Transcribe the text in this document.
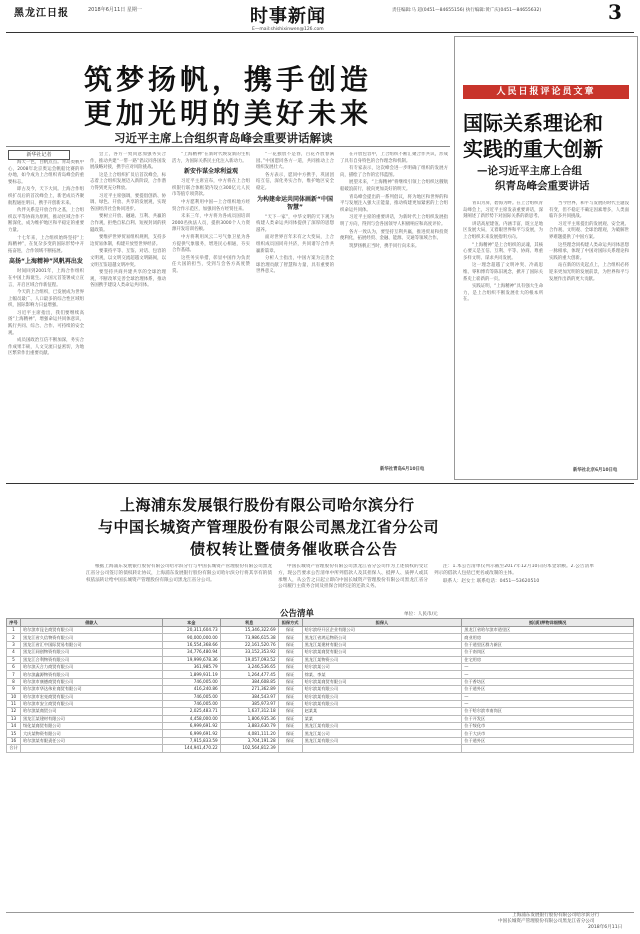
黑龙江日报	2018年6月11日 星期一	时事新闻
E—mail:shishixinwen@126.com
责任编辑:马 超(0451—84655156) 执行编辑:黄广庆(0451—84655632)	3
筑梦扬帆，携手创造
更加光明的美好未来
习近平主席上合组织青岛峰会重要讲话解读
新华社记者

海天一色，白帆点点。青岛奥帆中心，2008年北京奥运会帆船比赛的举办地，如今成为上合组织青岛峰会的重要标志。

即古及今，天下大同。上海合作组织扩员后的首次峰会上，新老成员齐聚航程通往明日，携手开创新未来。

伙伴关系是开放合作之基，上合组织以平等协商为原则，推动区域合作不断深化，成为维护地区和平稳定的重要力量。

十七年来，上合组织始终坚持“上海精神”，在复杂多变的国际形势中开拓奋进，合作领域不断拓展。

高扬“上海精神”风帆再出发

时间回到2001年，上海合作组织在中国上海诞生。六国元首签署成立宣言，开启区域合作新征程。

今天的上合组织，已发展成为世界上幅员最广、人口最多的综合性区域组织，国际影响力日益增强。

习近平主席指出，我们要继续高扬“上海精神”，增强命运共同体意识，践行共同、综合、合作、可持续的安全观。

成员国政治互信不断加深，务实合作成果丰硕，人文交流日益密切，为地区繁荣作出重要贡献。

会上，各方一致同意加强务实合作，推动共建“一带一路”倡议同各国发展战略对接，携手应对风险挑战。

这是上合组织扩员后首次峰会，标志着上合组织发展迈入新阶段，合作潜力得到更充分释放。

习近平主席强调，要提倡创新、协调、绿色、开放、共享的发展观，实现各国经济社会协同进步。

要树立开放、融通、互利、共赢的合作观，拒绝自私自利、短视封闭的狭隘政策。

要维护世界贸易组织规则，支持多边贸易体制，构建开放型世界经济。

要秉持平等、互鉴、对话、包容的文明观，以文明交流超越文明隔阂，以文明互鉴超越文明冲突。

要坚持共商共建共享的全球治理观，不断改革完善全球治理体系，推动各国携手建设人类命运共同体。

“上海精神”在新时代焕发新的生机活力，为国际关系民主化注入新动力。

新安作谋全球利益观

习近平主席宣布，中方将在上合组织银行联合体框架内设立300亿元人民币等值专项贷款。

中方愿利用中国—上合组织地方经贸合作示范区，加强同各方经贸往来。

未来三年，中方将为各成员国培训2000名执法人员，提供3000个人力资源开发培训名额。

中方将利用风云二号气象卫星为各方提供气象服务，增进民心相通，夯实合作基础。

这些务实举措，彰显中国作为负责任大国的担当，受到与会各方高度赞赏。

“一花独放不是春，百花齐放春满园。”中国愿同各方一道，共同推动上合组织发展壮大。

各方表示，愿同中方携手，巩固团结互信，深化务实合作，维护地区安全稳定。

为构建命运共同体画新“中国智慧”

“天下一家”，中华文明的天下观为构建人类命运共同体提供了深厚的思想滋养。

面对世界百年未有之大变局，上合组织成员国同舟共济，共同谱写合作共赢新篇章。

分析人士指出，中国方案为完善全球治理贡献了智慧和力量，具有重要的世界意义。

在开放包容中，上合组织不断汇聚合作共识，形成了具有自身特色的合作理念和机制。

有专家表示，这次峰会进一步明确了组织的发展方向，描绘了合作的宏伟蓝图。

展望未来，“上海精神”将继续引领上合组织这艘航船破浪前行，驶向更加美好的明天。

青岛峰会提出的一系列倡议，将为地区和世界的和平与发展注入强大正能量，推动构建更加紧密的上合组织命运共同体。

习近平主席的重要讲话，为新时代上合组织发展指明了方向，得到与会各国领导人积极响应和高度评价。

各方一致认为，要坚持互利共赢，推进贸易和投资便利化，拓展经贸、金融、能源、交通等领域合作。

筑梦扬帆正当时，携手同行向未来。

新华社青岛6月10日电
人民日报评论员文章
国际关系理论和
实践的重大创新
—论习近平主席上合组
织青岛峰会重要讲话

青山为屏，碧海为畔。在上合组织青岛峰会上，习近平主席发表重要讲话，深刻阐述了新形势下对国际关系的新思考。

讲话高屋建瓴、内涵丰富，既立足地区发展大局，又着眼世界和平与发展，为上合组织未来发展指明方向。

“上海精神”是上合组织的灵魂，其核心要义是互信、互利、平等、协商、尊重多样文明、谋求共同发展。

这一理念超越了文明冲突、冷战思维、零和博弈等陈旧观念，掀开了国际关系史上崭新的一页。

实践证明，“上海精神”具有强大生命力，是上合组织不断发展壮大的根本所在。

当今世界，和平与发展的时代主题没有变，但不稳定不确定因素增多，人类面临许多共同挑战。

习近平主席提出的发展观、安全观、合作观、文明观、全球治理观，为破解世界难题提供了中国方案。

这些理念同构建人类命运共同体思想一脉相承，体现了中国对国际关系理论和实践的重大创新。

站在新的历史起点上，上合组织必将迎来更加光明的发展前景，为世界和平与发展作出新的更大贡献。

新华社北京6月10日电
上海浦东发展银行股份有限公司哈尔滨分行
与中国长城资产管理股份有限公司黑龙江省分公司
债权转让暨债务催收联合公告

根据上海浦东发展银行股份有限公司哈尔滨分行与中国长城资产管理股份有限公司黑龙江省分公司签订的债权转让协议，上海浦东发展银行股份有限公司哈尔滨分行将其享有的债权依法转让给中国长城资产管理股份有限公司黑龙江省分公司。

中国长城资产管理股份有限公司黑龙江省分公司作为上述债权的受让方，现公告要求公告清单中所列借款人及其担保人、抵押人、质押人或其承继人，从公告之日起立即向中国长城资产管理股份有限公司黑龙江省分公司履行主债务合同及担保合同约定的还款义务。

注：1.本公告清单仅列示截至2017年12月10日的本金余额。2.公告清单列示的借款人包括已更名或改制的主体。

联系人：赵女士 联系电话：0451—53620510

公告清单	单位：人民币/元
序号	借款人	本金	利息	担保方式	担保人	抵(质)押物详细情况
1	哈尔滨市昆仑商贸有限公司	20,311,604.73	15,346,322.69	保证	哈尔滨经开区企业有限公司	黑龙江省哈尔滨市道里区
2	黑龙江省久信物资有限公司	90,000,000.00	73,986,615.38	保证	黑龙江省鸿运物资公司	商业用房
3	黑龙江省汇中国际贸易有限公司	16,554,368.66	22,161,520.76	保证	黑龙江某建材有限公司	位于道里区群力新区
4	黑龙江同创物资有限公司	34,776,480.94	33,152,353.92	保证	哈尔滨某商贸有限公司	位于南岗区
5	黑龙江合利物资有限公司	19,999,678.36	19,057,093.52	保证	黑龙江某物资公司	住宅用房
6	哈尔滨天合力商贸有限公司	361,985.79	3,246,536.65	保证	哈尔滨某公司	—
7	哈尔滨鑫源物资有限公司	1,899,931.19	1,264,477.45	保证	徐某、李某	—
8	哈尔滨市康德商贸有限公司	746,005.00	384,608.85	保证	哈尔滨某商贸有限公司	位于香坊区
9	哈尔滨市华达伟业商贸有限公司	416,240.86	271,362.89	保证	哈尔滨某有限公司	位于道外区
10	哈尔滨市宏亮商贸有限公司	746,005.00	384,543.97	保证	哈尔滨某有限公司	—
11	哈尔滨市安立商贸有限公司	746,005.00	385,973.97	保证	哈尔滨某有限公司	—
12	哈尔滨某商贸公司	2,025,483.71	1,637,312.18	保证	赵某某	位于哈尔滨市南岗区
13	黑龙江某建材有限公司	4,458,000.00	1,806,935.36	保证	某某	位于开发区
14	绥化某商贸有限公司	6,999,691.92	3,883,630.79	保证	黑龙江某有限公司	位于绥化市
15	大庆某物资有限公司	6,999,691.92	4,081,111.20	保证	黑龙江某公司	位于大庆市
16	哈尔滨某有限责任公司	7,915,833.59	3,704,191.28	保证	黑龙江某有限公司	位于道外区
合计		144,941,470.22	102,564,812.39			
上海浦东发展银行股份有限公司哈尔滨分行
中国长城资产管理股份有限公司黑龙江省分公司
2018年6月11日
